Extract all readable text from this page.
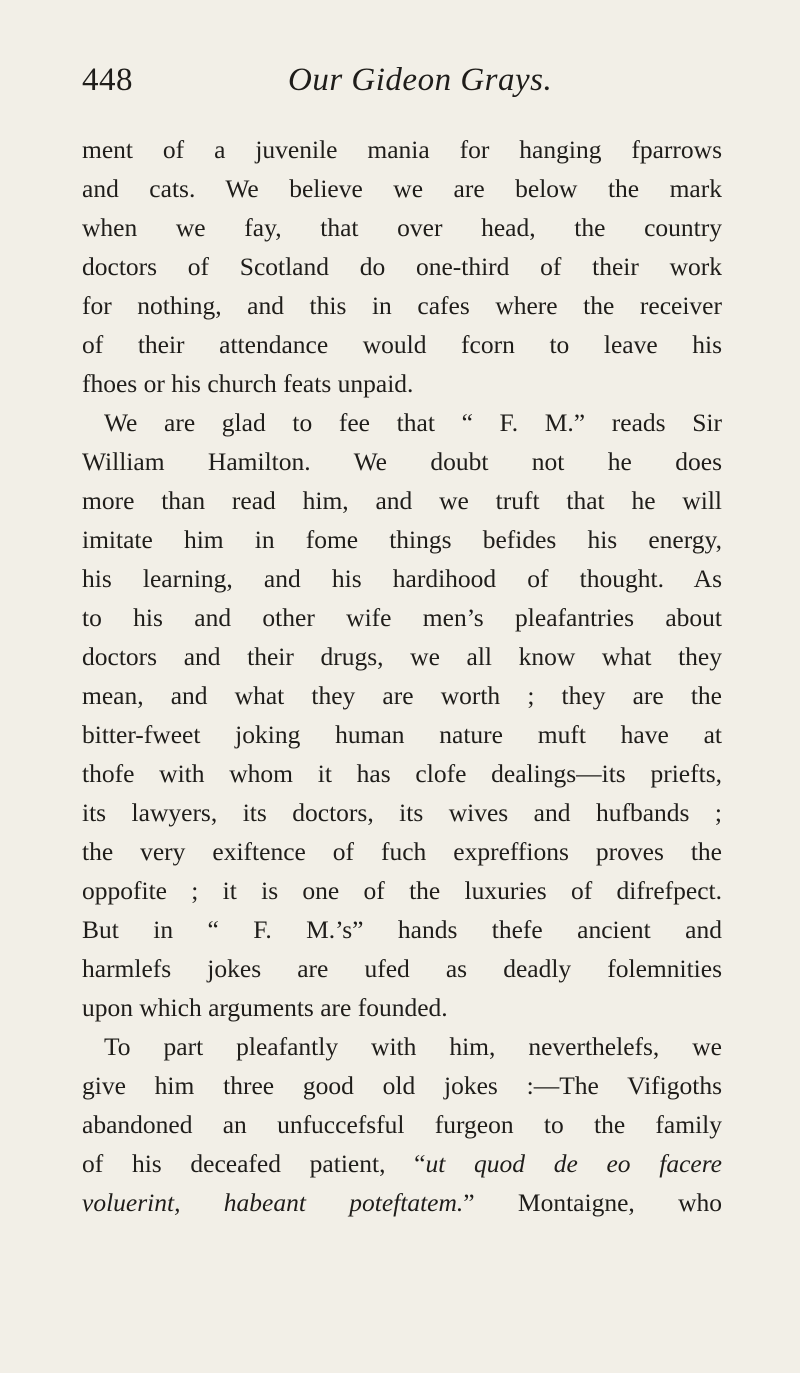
448	Our Gideon Grays.
ment of a juvenile mania for hanging fparrows
and cats. We believe we are below the mark
when we fay, that over head, the country
doctors of Scotland do one-third of their work
for nothing, and this in cafes where the receiver
of their attendance would fcorn to leave his
fhoes or his church feats unpaid.
We are glad to fee that “ F. M.” reads Sir
William Hamilton. We doubt not he does
more than read him, and we truft that he will
imitate him in fome things befides his energy,
his learning, and his hardihood of thought. As
to his and other wife men’s pleafantries about
doctors and their drugs, we all know what they
mean, and what they are worth ; they are the
bitter-fweet joking human nature muft have at
thofe with whom it has clofe dealings—its priefts,
its lawyers, its doctors, its wives and hufbands ;
the very exiftence of fuch expreffions proves the
oppofite ; it is one of the luxuries of difrefpect.
But in “ F. M.’s” hands thefe ancient and
harmlefs jokes are ufed as deadly folemnities
upon which arguments are founded.
To part pleafantly with him, neverthelefs, we
give him three good old jokes :—The Vifigoths
abandoned an unfuccefsful furgeon to the family
of his deceafed patient, “ut quod de eo facere
voluerint, habeant poteftatem.” Montaigne, who
